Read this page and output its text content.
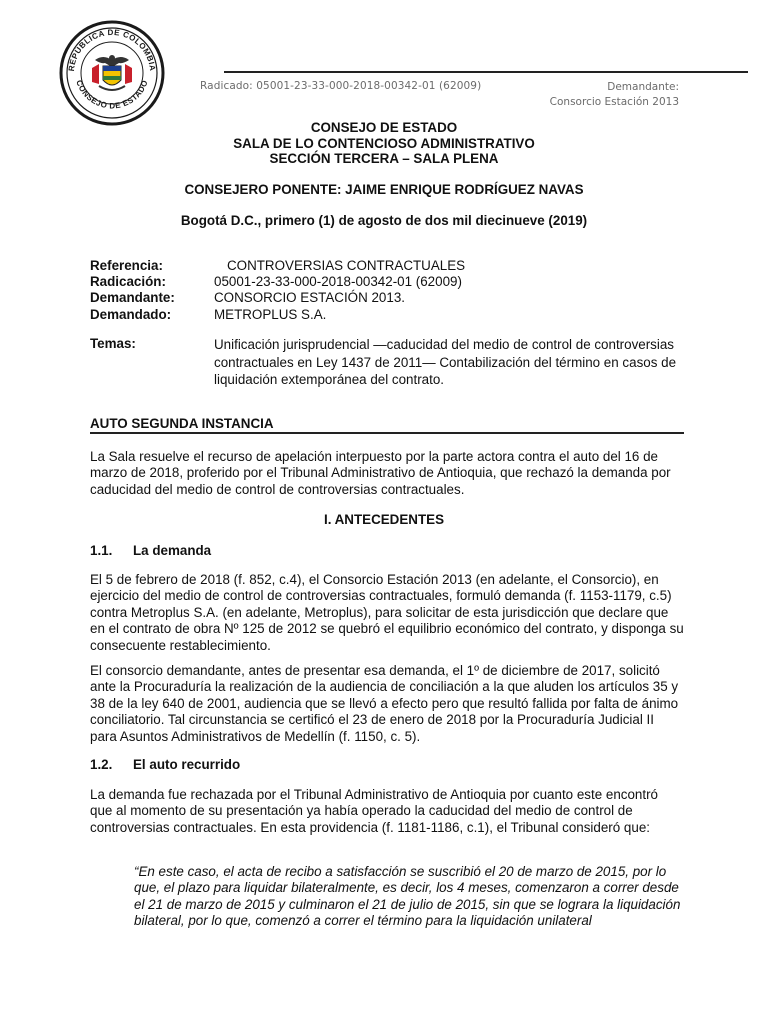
REPÚBLICA DE COLOMBIA
CONSEJO DE ESTADO	Radicado: 05001-23-33-000-2018-00342-01 (62009)	Demandante:
Consorcio Estación 2013
CONSEJO DE ESTADO
SALA DE LO CONTENCIOSO ADMINISTRATIVO
SECCIÓN TERCERA – SALA PLENA
CONSEJERO PONENTE: JAIME ENRIQUE RODRÍGUEZ NAVAS
Bogotá D.C., primero (1) de agosto de dos mil diecinueve (2019)
Referencia:	CONTROVERSIAS CONTRACTUALES
Radicación:	05001-23-33-000-2018-00342-01 (62009)
Demandante:	CONSORCIO ESTACIÓN 2013.
Demandado:	METROPLUS S.A.
Temas:	Unificación jurisprudencial —caducidad del medio de control de controversias contractuales en Ley 1437 de 2011— Contabilización del término en casos de liquidación extemporánea del contrato.
AUTO SEGUNDA INSTANCIA
La Sala resuelve el recurso de apelación interpuesto por la parte actora contra el auto del 16 de marzo de 2018, proferido por el Tribunal Administrativo de Antioquia, que rechazó la demanda por caducidad del medio de control de controversias contractuales.
I. ANTECEDENTES
1.1. La demanda
El 5 de febrero de 2018 (f. 852, c.4), el Consorcio Estación 2013 (en adelante, el Consorcio), en ejercicio del medio de control de controversias contractuales, formuló demanda (f. 1153-1179, c.5) contra Metroplus S.A. (en adelante, Metroplus), para solicitar de esta jurisdicción que declare que en el contrato de obra Nº 125 de 2012 se quebró el equilibrio económico del contrato, y disponga su consecuente restablecimiento.
El consorcio demandante, antes de presentar esa demanda, el 1º de diciembre de 2017, solicitó ante la Procuraduría la realización de la audiencia de conciliación a la que aluden los artículos 35 y 38 de la ley 640 de 2001, audiencia que se llevó a efecto pero que resultó fallida por falta de ánimo conciliatorio. Tal circunstancia se certificó el 23 de enero de 2018 por la Procuraduría Judicial II para Asuntos Administrativos de Medellín (f. 1150, c. 5).
1.2. El auto recurrido
La demanda fue rechazada por el Tribunal Administrativo de Antioquia por cuanto este encontró que al momento de su presentación ya había operado la caducidad del medio de control de controversias contractuales. En esta providencia (f. 1181-1186, c.1), el Tribunal consideró que:
“En este caso, el acta de recibo a satisfacción se suscribió el 20 de marzo de 2015, por lo que, el plazo para liquidar bilateralmente, es decir, los 4 meses, comenzaron a correr desde el 21 de marzo de 2015 y culminaron el 21 de julio de 2015, sin que se lograra la liquidación bilateral, por lo que, comenzó a correr el término para la liquidación unilateral
